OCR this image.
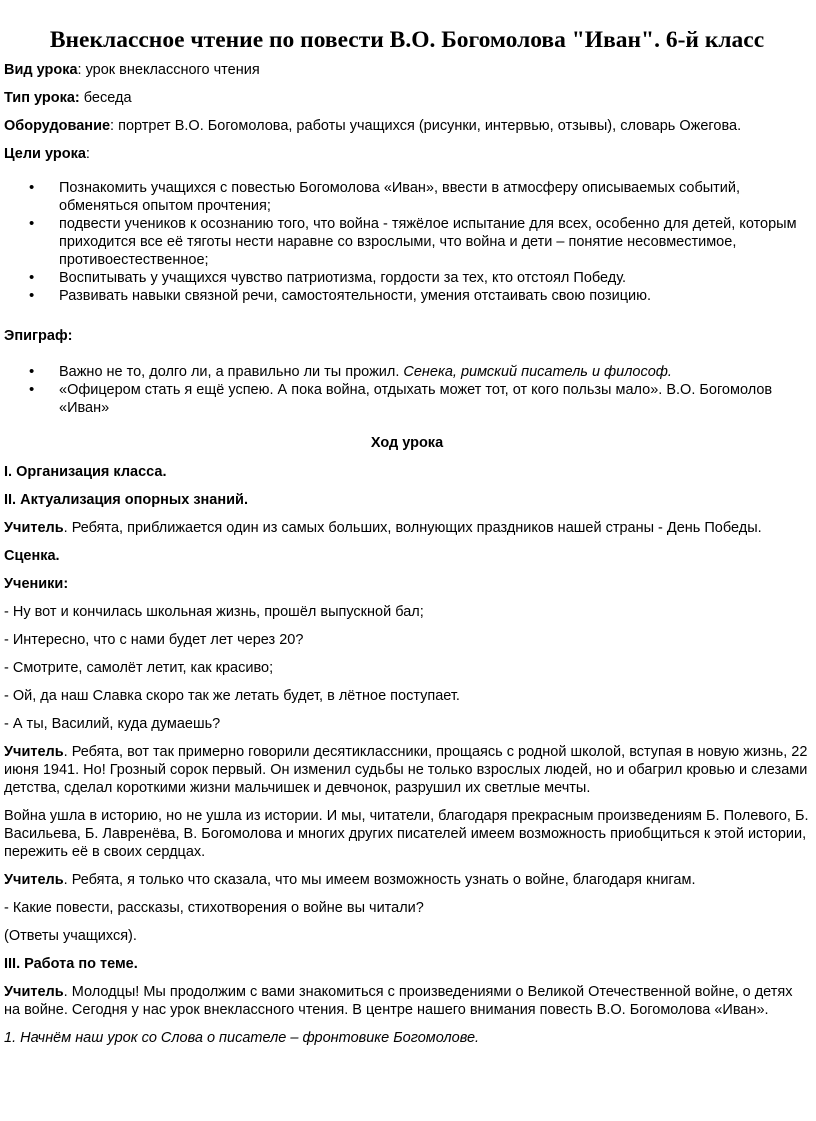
Внеклассное чтение по повести В.О. Богомолова "Иван". 6-й класс

Вид урока: урок внеклассного чтения

Тип урока: беседа

Оборудование: портрет В.О. Богомолова, работы учащихся (рисунки, интервью, отзывы), словарь Ожегова.

Цели урока:

• Познакомить учащихся с повестью Богомолова «Иван», ввести в атмосферу описываемых событий, обменяться опытом прочтения;
• подвести учеников к осознанию того, что война - тяжёлое испытание для всех, особенно для детей, которым приходится все её тяготы нести наравне со взрослыми, что война и дети – понятие несовместимое, противоестественное;
• Воспитывать у учащихся чувство патриотизма, гордости за тех, кто отстоял Победу.
• Развивать навыки связной речи, самостоятельности, умения отстаивать свою позицию.

Эпиграф:

• Важно не то, долго ли, а правильно ли ты прожил. Сенека, римский писатель и философ.
• «Офицером стать я ещё успею. А пока война, отдыхать может тот, от кого пользы мало». В.О. Богомолов «Иван»

Ход урока

I. Организация класса.

II. Актуализация опорных знаний.

Учитель. Ребята, приближается один из самых больших, волнующих праздников нашей страны - День Победы.

Сценка.

Ученики:

- Ну вот и кончилась школьная жизнь, прошёл выпускной бал;

- Интересно, что с нами будет лет через 20?

- Смотрите, самолёт летит, как красиво;

- Ой, да наш Славка скоро так же летать будет, в лётное поступает.

- А ты, Василий, куда думаешь?

Учитель. Ребята, вот так примерно говорили десятиклассники, прощаясь с родной школой, вступая в новую жизнь, 22 июня 1941. Но! Грозный сорок первый. Он изменил судьбы не только взрослых людей, но и обагрил кровью и слезами детства, сделал короткими жизни мальчишек и девчонок, разрушил их светлые мечты.

Война ушла в историю, но не ушла из истории. И мы, читатели, благодаря прекрасным произведениям Б. Полевого, Б. Васильева, Б. Лавренёва, В. Богомолова и многих других писателей имеем возможность приобщиться к этой истории, пережить её в своих сердцах.

Учитель. Ребята, я только что сказала, что мы имеем возможность узнать о войне, благодаря книгам.

- Какие повести, рассказы, стихотворения о войне вы читали?

(Ответы учащихся).

III. Работа по теме.

Учитель. Молодцы! Мы продолжим с вами знакомиться с произведениями о Великой Отечественной войне, о детях на войне. Сегодня у нас урок внеклассного чтения. В центре нашего внимания повесть В.О. Богомолова «Иван».

1. Начнём наш урок со Слова о писателе – фронтовике Богомолове.
